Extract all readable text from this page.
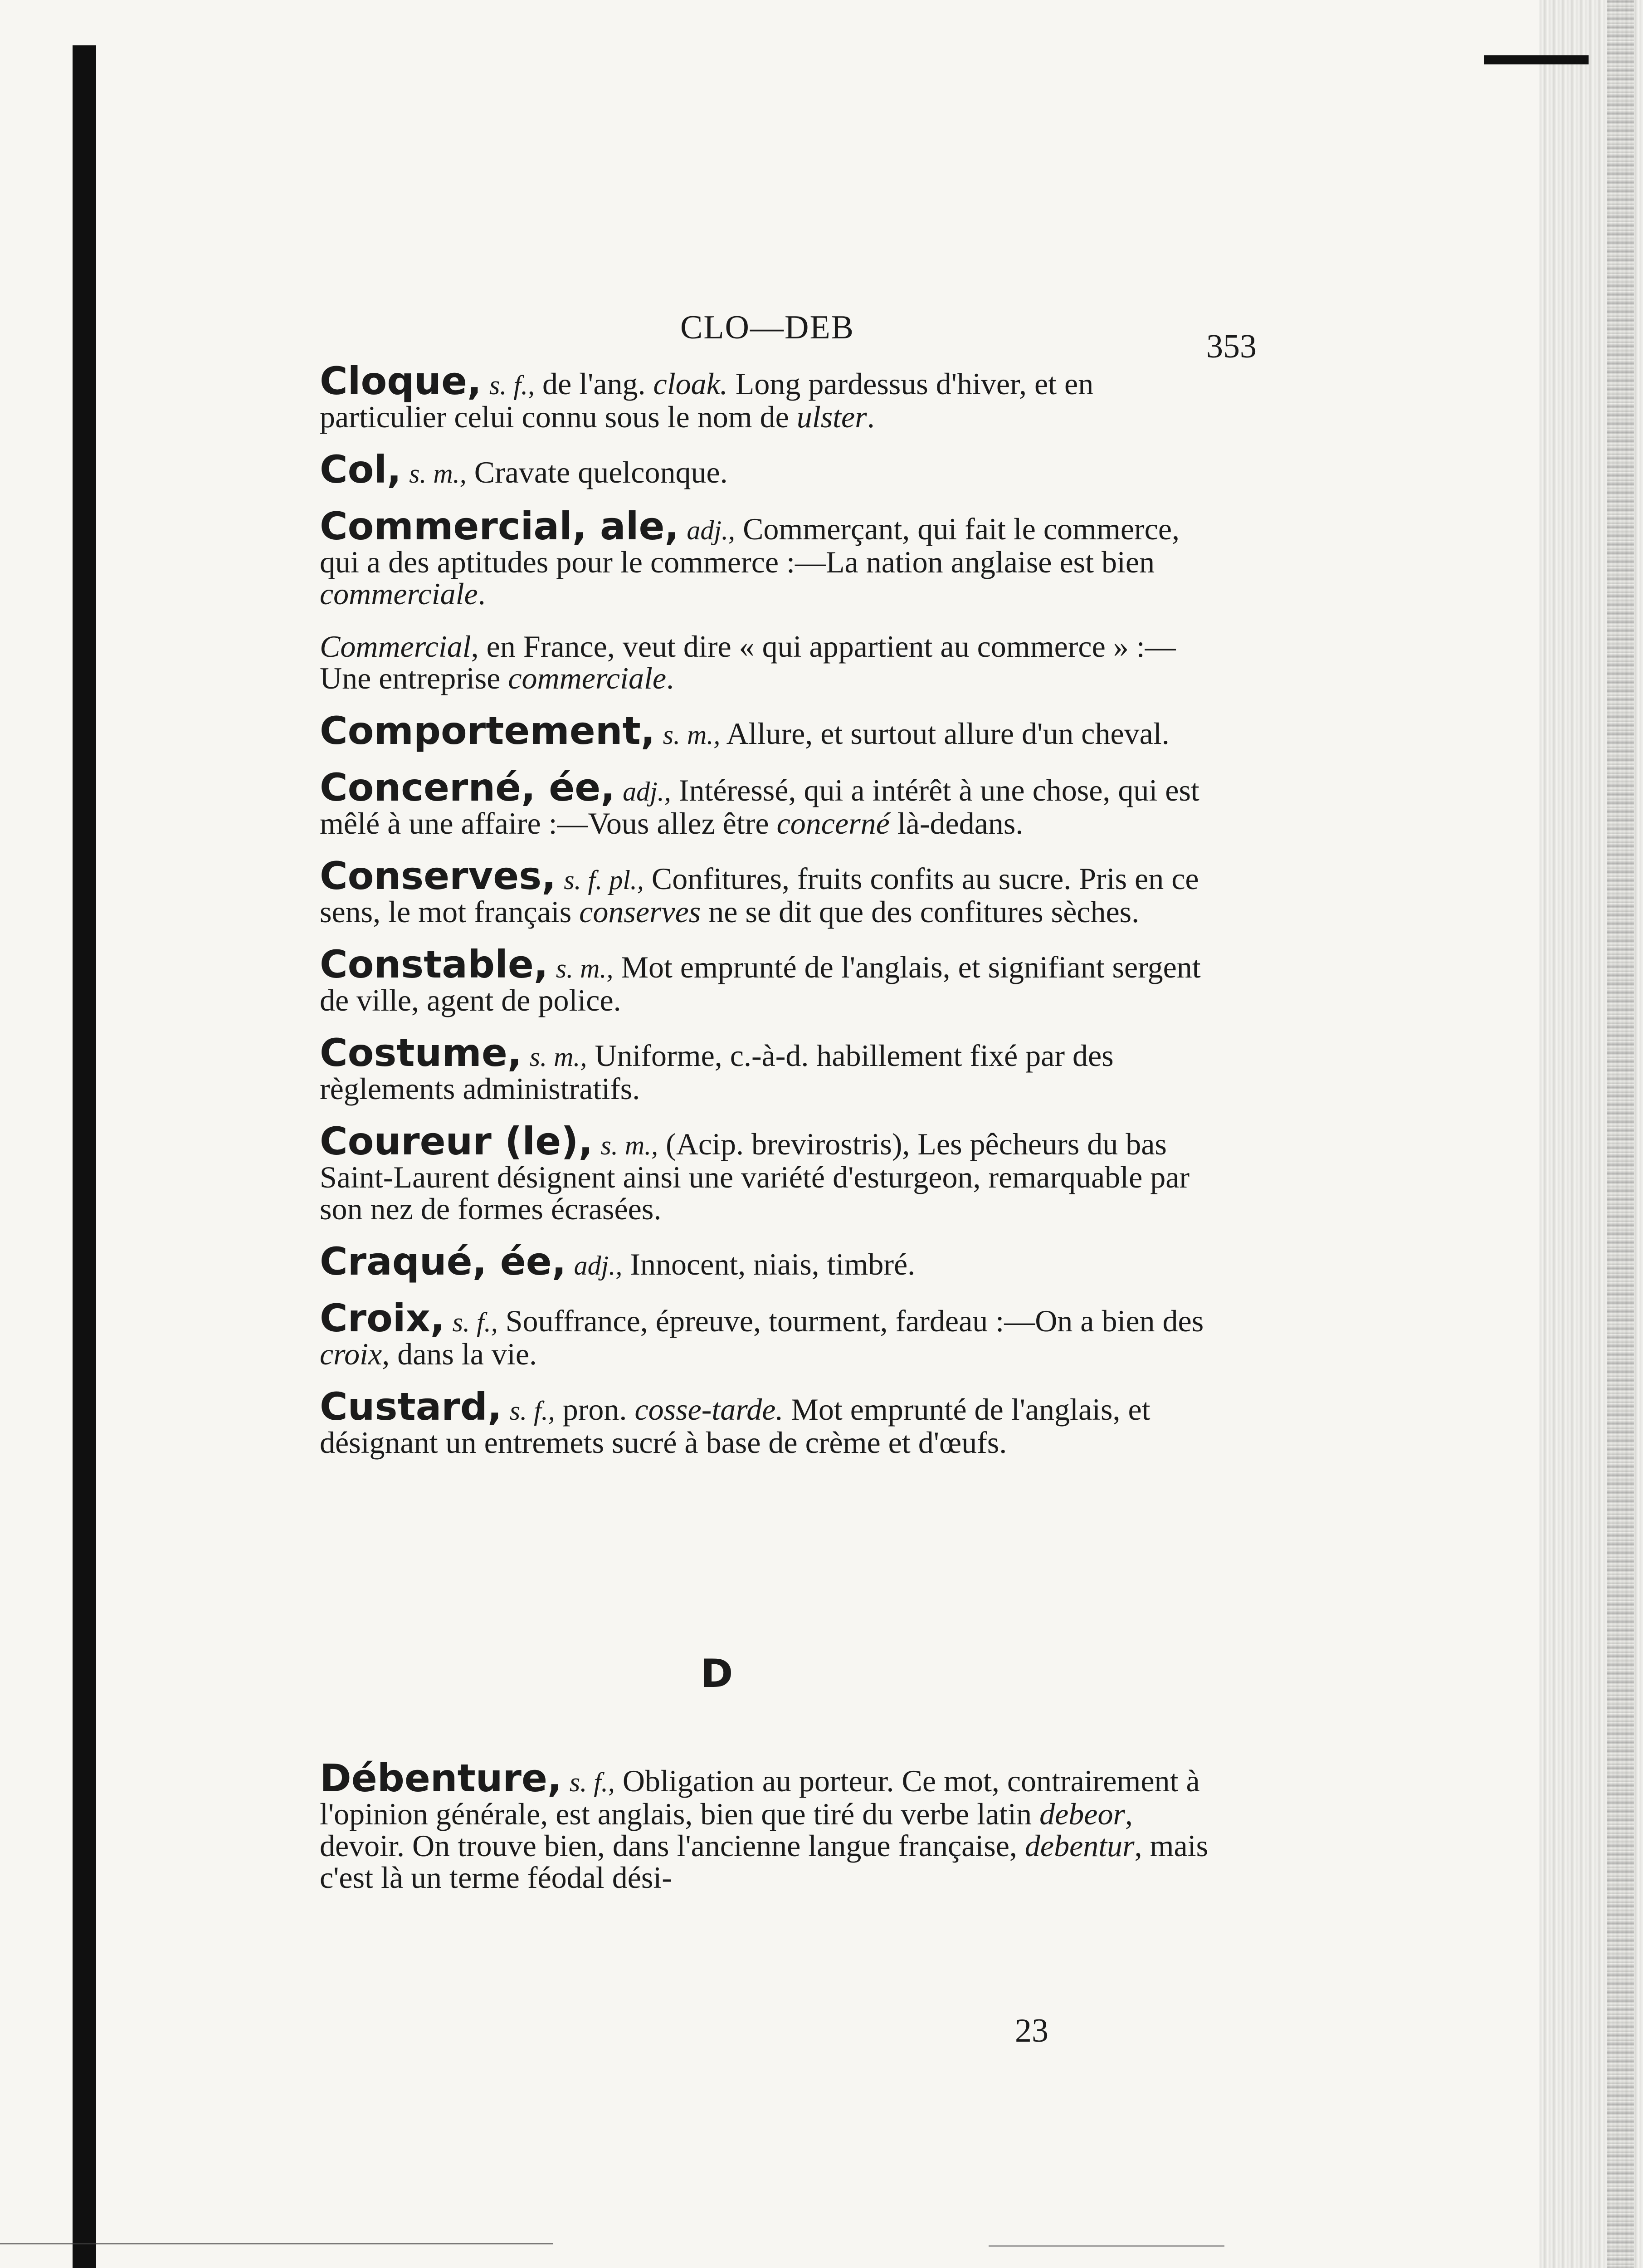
CLO—DEB
353
Cloque, s. f., de l'ang. cloak. Long pardessus d'hiver, et en particulier celui connu sous le nom de ulster.
Col, s. m., Cravate quelconque.
Commercial, ale, adj., Commerçant, qui fait le commerce, qui a des aptitudes pour le commerce :—La nation anglaise est bien commerciale.
Commercial, en France, veut dire « qui appartient au commerce » :—Une entreprise commerciale.
Comportement, s. m., Allure, et surtout allure d'un cheval.
Concerné, ée, adj., Intéressé, qui a intérêt à une chose, qui est mêlé à une affaire :—Vous allez être concerné là-dedans.
Conserves, s. f. pl., Confitures, fruits confits au sucre. Pris en ce sens, le mot français conserves ne se dit que des confitures sèches.
Constable, s. m., Mot emprunté de l'anglais, et signifiant sergent de ville, agent de police.
Costume, s. m., Uniforme, c.-à-d. habillement fixé par des règlements administratifs.
Coureur (le), s. m., (Acip. brevirostris), Les pêcheurs du bas Saint-Laurent désignent ainsi une variété d'esturgeon, remarquable par son nez de formes écrasées.
Craqué, ée, adj., Innocent, niais, timbré.
Croix, s. f., Souffrance, épreuve, tourment, fardeau :—On a bien des croix, dans la vie.
Custard, s. f., pron. cosse-tarde. Mot emprunté de l'anglais, et désignant un entremets sucré à base de crème et d'œufs.
D
Débenture, s. f., Obligation au porteur. Ce mot, contrairement à l'opinion générale, est anglais, bien que tiré du verbe latin debeor, devoir. On trouve bien, dans l'ancienne langue française, debentur, mais c'est là un terme féodal dési-
23
